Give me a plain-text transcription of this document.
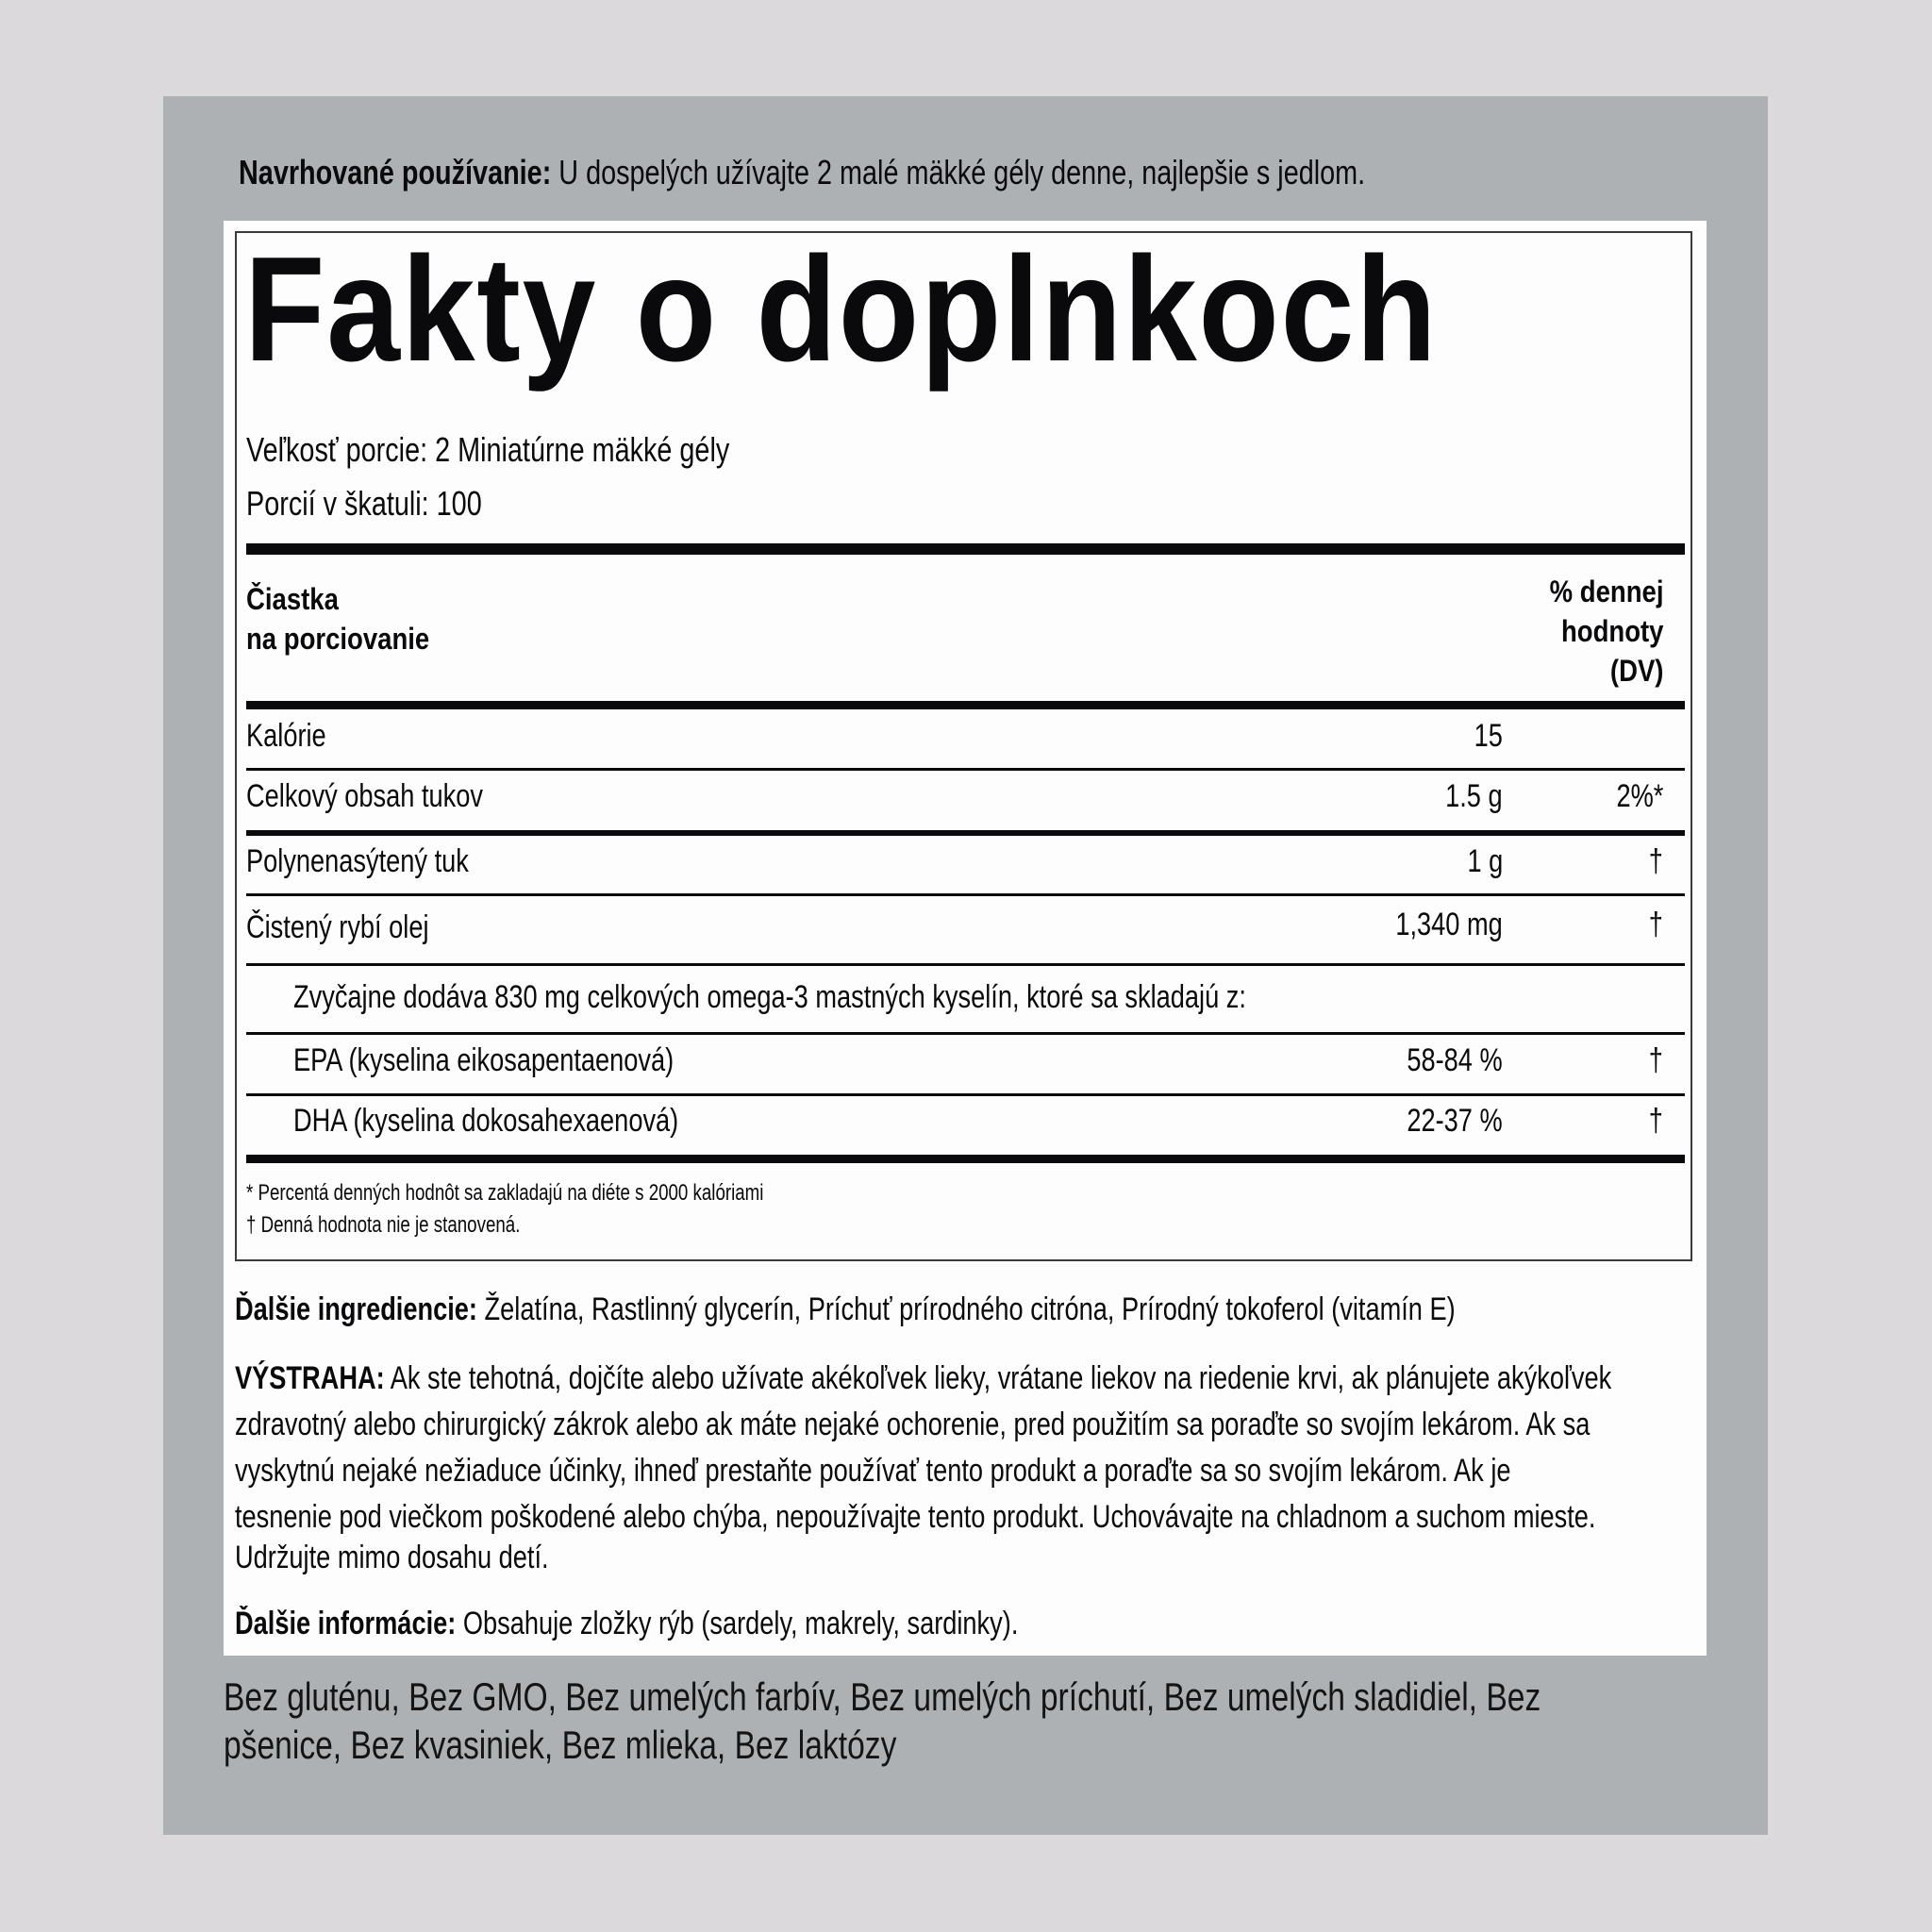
Navrhované používanie: U dospelých užívajte 2 malé mäkké gély denne, najlepšie s jedlom.
Fakty o doplnkoch
Veľkosť porcie: 2 Miniatúrne mäkké gély
Porcií v škatuli: 100
Čiastka
na porciovanie
% dennej
hodnoty
(DV)
Kalórie	15
Celkový obsah tukov	1.5 g	2%*
Polynenasýtený tuk	1 g	†
Čistený rybí olej	1,340 mg	†
Zvyčajne dodáva 830 mg celkových omega-3 mastných kyselín, ktoré sa skladajú z:
EPA (kyselina eikosapentaenová)	58-84 %	†
DHA (kyselina dokosahexaenová)	22-37 %	†
* Percentá denných hodnôt sa zakladajú na diéte s 2000 kalóriami
† Denná hodnota nie je stanovená.
Ďalšie ingrediencie: Želatína, Rastlinný glycerín, Príchuť prírodného citróna, Prírodný tokoferol (vitamín E)
VÝSTRAHA: Ak ste tehotná, dojčíte alebo užívate akékoľvek lieky, vrátane liekov na riedenie krvi, ak plánujete akýkoľvek
zdravotný alebo chirurgický zákrok alebo ak máte nejaké ochorenie, pred použitím sa poraďte so svojím lekárom. Ak sa
vyskytnú nejaké nežiaduce účinky, ihneď prestaňte používať tento produkt a poraďte sa so svojím lekárom. Ak je
tesnenie pod viečkom poškodené alebo chýba, nepoužívajte tento produkt. Uchovávajte na chladnom a suchom mieste.
Udržujte mimo dosahu detí.
Ďalšie informácie: Obsahuje zložky rýb (sardely, makrely, sardinky).
Bez gluténu, Bez GMO, Bez umelých farbív, Bez umelých príchutí, Bez umelých sladidiel, Bez
pšenice, Bez kvasiniek, Bez mlieka, Bez laktózy
